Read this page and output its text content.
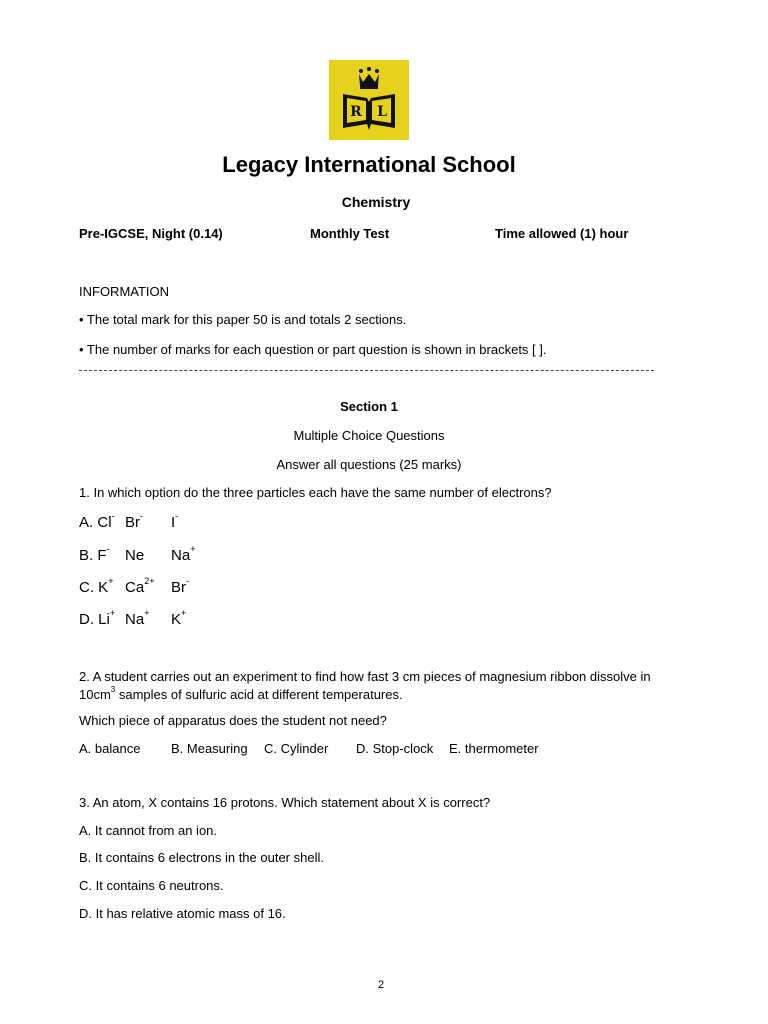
R L
Legacy International School
Chemistry
Pre-IGCSE, Night (0.14)	Monthly Test	Time allowed (1) hour
INFORMATION
• The total mark for this paper 50 is and totals 2 sections.
• The number of marks for each question or part question is shown in brackets [ ].
Section 1
Multiple Choice Questions
Answer all questions (25 marks)
1. In which option do the three particles each have the same number of electrons?
A. Cl- Br- I-
B. F- Ne Na+
C. K+ $Ca^{2+}$ Br-
D. Li+ Na+ K+
2. A student carries out an experiment to find how fast 3 cm pieces of magnesium ribbon dissolve in
$10cm^3$ samples of sulfuric acid at different temperatures.
Which piece of apparatus does the student not need?
A. balance B. Measuring C. Cylinder D. Stop-clock E. thermometer
3. An atom, X contains 16 protons. Which statement about X is correct?
A. It cannot from an ion.
B. It contains 6 electrons in the outer shell.
C. It contains 6 neutrons.
D. It has relative atomic mass of 16.
2
